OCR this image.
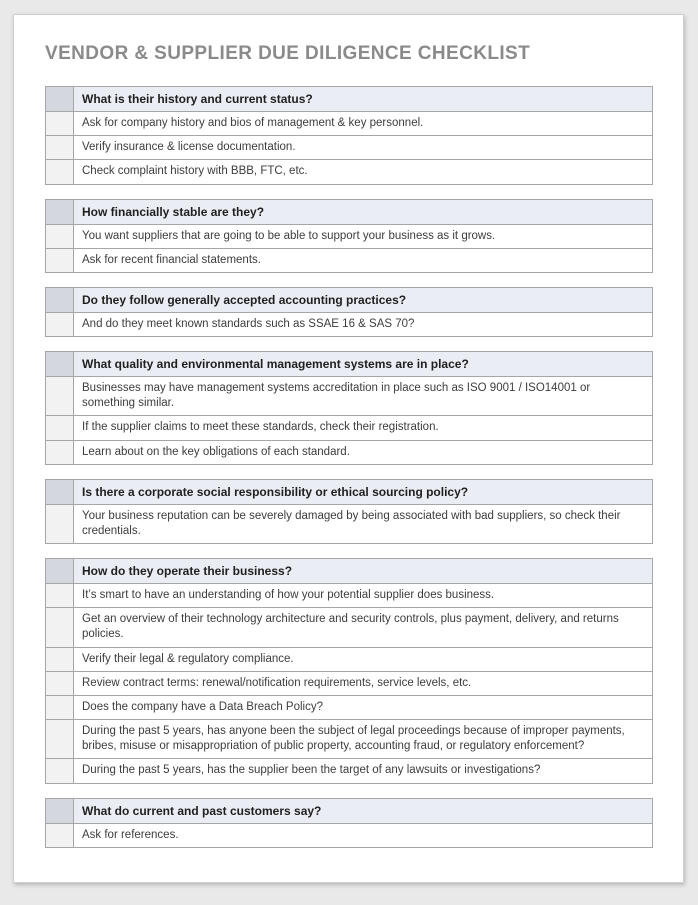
VENDOR & SUPPLIER DUE DILIGENCE CHECKLIST
	What is their history and current status?
	Ask for company history and bios of management & key personnel.
	Verify insurance & license documentation.
	Check complaint history with BBB, FTC, etc.
	How financially stable are they?
	You want suppliers that are going to be able to support your business as it grows.
	Ask for recent financial statements.
	Do they follow generally accepted accounting practices?
	And do they meet known standards such as SSAE 16 & SAS 70?
	What quality and environmental management systems are in place?
	Businesses may have management systems accreditation in place such as ISO 9001 / ISO14001 or something similar.
	If the supplier claims to meet these standards, check their registration.
	Learn about on the key obligations of each standard.
	Is there a corporate social responsibility or ethical sourcing policy?
	Your business reputation can be severely damaged by being associated with bad suppliers, so check their credentials.
	How do they operate their business?
	It’s smart to have an understanding of how your potential supplier does business.
	Get an overview of their technology architecture and security controls, plus payment, delivery, and returns policies.
	Verify their legal & regulatory compliance.
	Review contract terms: renewal/notification requirements, service levels, etc.
	Does the company have a Data Breach Policy?
	During the past 5 years, has anyone been the subject of legal proceedings because of improper payments, bribes, misuse or misappropriation of public property, accounting fraud, or regulatory enforcement?
	During the past 5 years, has the supplier been the target of any lawsuits or investigations?
	What do current and past customers say?
	Ask for references.
